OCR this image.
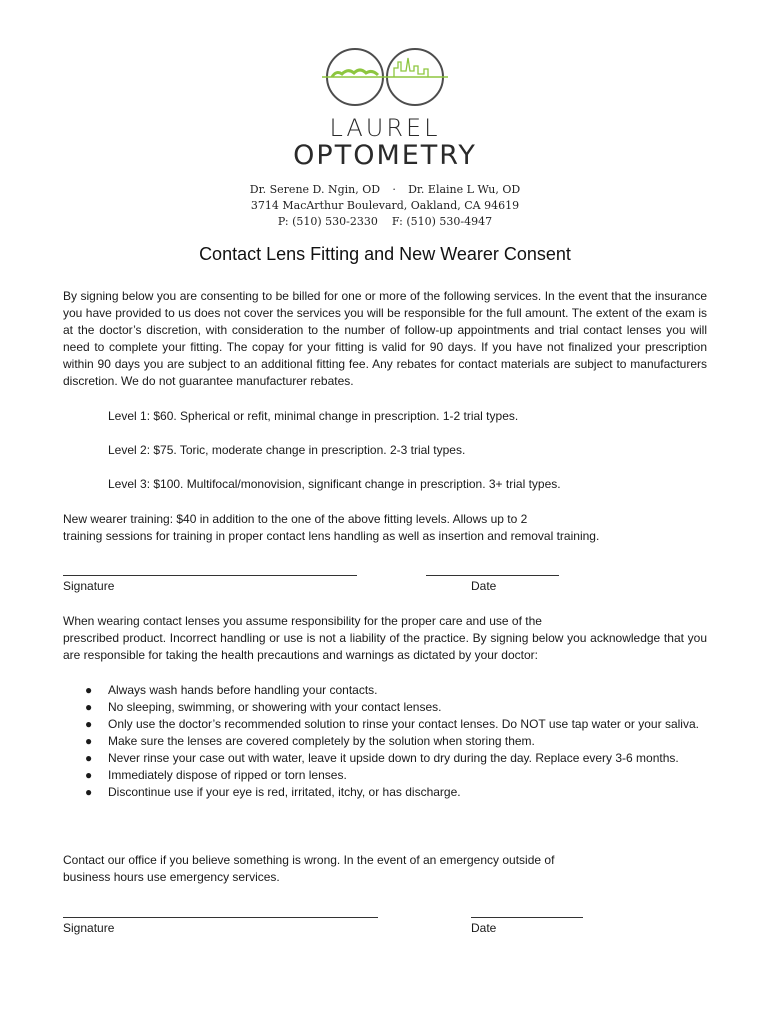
LAUREL
OPTOMETRY
Dr. Serene D. Ngin, OD · Dr. Elaine L Wu, OD
3714 MacArthur Boulevard, Oakland, CA 94619
P: (510) 530-2330 F: (510) 530-4947
Contact Lens Fitting and New Wearer Consent
By signing below you are consenting to be billed for one or more of the following services. In the event that the insurance you have provided to us does not cover the services you will be responsible for the full amount. The extent of the exam is at the doctor’s discretion, with consideration to the number of follow-up appointments and trial contact lenses you will need to complete your fitting. The copay for your fitting is valid for 90 days. If you have not finalized your prescription within 90 days you are subject to an additional fitting fee. Any rebates for contact materials are subject to manufacturers discretion. We do not guarantee manufacturer rebates.
Level 1: $60. Spherical or refit, minimal change in prescription. 1-2 trial types.
Level 2: $75. Toric, moderate change in prescription. 2-3 trial types.
Level 3: $100. Multifocal/monovision, significant change in prescription. 3+ trial types.
New wearer training: $40 in addition to the one of the above fitting levels. Allows up to 2
training sessions for training in proper contact lens handling as well as insertion and removal training.
Signature	Date
When wearing contact lenses you assume responsibility for the proper care and use of the
prescribed product. Incorrect handling or use is not a liability of the practice. By signing below you acknowledge that you are responsible for taking the health precautions and warnings as dictated by your doctor:
● Always wash hands before handling your contacts.
● No sleeping, swimming, or showering with your contact lenses.
● Only use the doctor’s recommended solution to rinse your contact lenses. Do NOT use tap water or your saliva.
● Make sure the lenses are covered completely by the solution when storing them.
● Never rinse your case out with water, leave it upside down to dry during the day. Replace every 3-6 months.
● Immediately dispose of ripped or torn lenses.
● Discontinue use if your eye is red, irritated, itchy, or has discharge.
Contact our office if you believe something is wrong. In the event of an emergency outside of
business hours use emergency services.
Signature	Date
